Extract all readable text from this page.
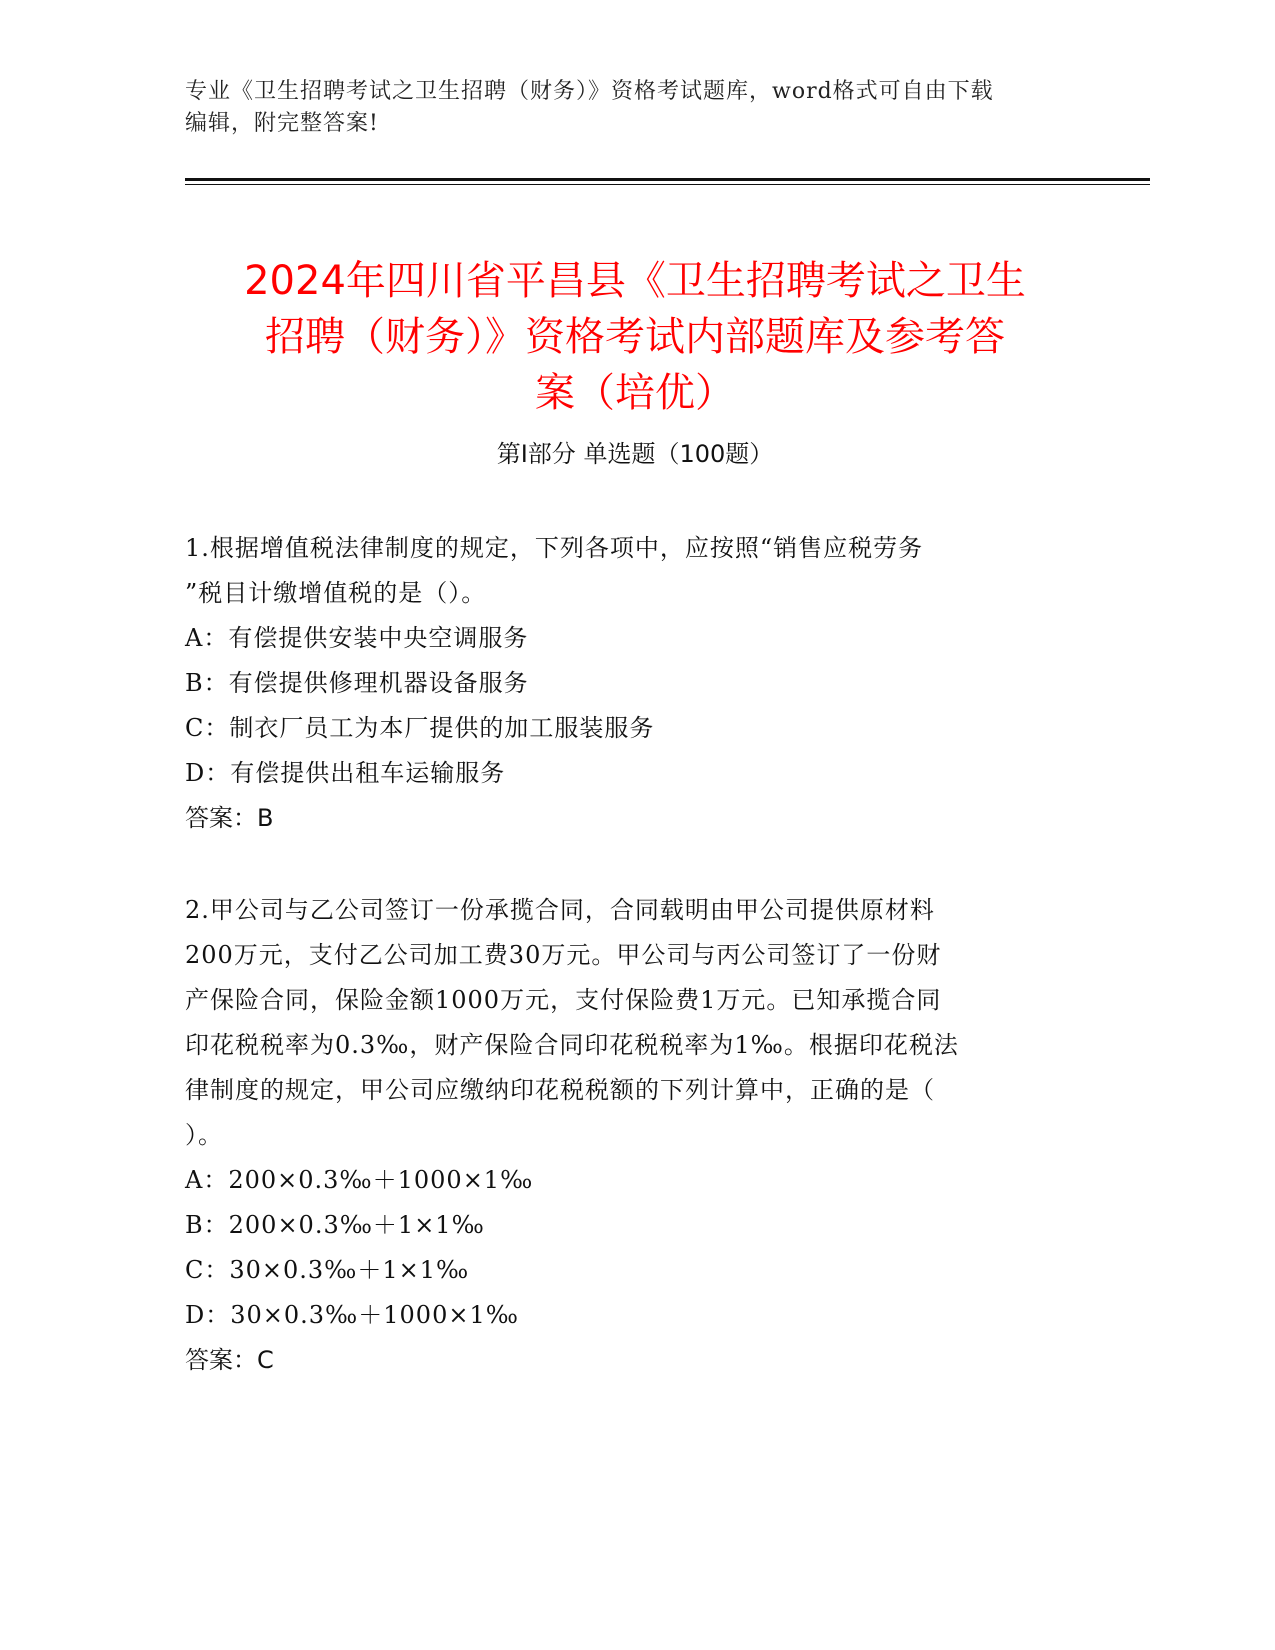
专业《卫生招聘考试之卫生招聘（财务）》资格考试题库，word格式可自由下载
编辑，附完整答案!
2024年四川省平昌县《卫生招聘考试之卫生
招聘（财务）》资格考试内部题库及参考答
案（培优）
第I部分 单选题（100题）
1.根据增值税法律制度的规定，下列各项中，应按照“销售应税劳务
”税目计缴增值税的是（）。
A：有偿提供安装中央空调服务
B：有偿提供修理机器设备服务
C：制衣厂员工为本厂提供的加工服装服务
D：有偿提供出租车运输服务
答案：B
2.甲公司与乙公司签订一份承揽合同，合同载明由甲公司提供原材料
200万元，支付乙公司加工费30万元。甲公司与丙公司签订了一份财
产保险合同，保险金额1000万元，支付保险费1万元。已知承揽合同
印花税税率为0.3‰，财产保险合同印花税税率为1‰。根据印花税法
律制度的规定，甲公司应缴纳印花税税额的下列计算中，正确的是（
）。
A：200×0.3‰＋1000×1‰
B：200×0.3‰＋1×1‰
C：30×0.3‰＋1×1‰
D：30×0.3‰＋1000×1‰
答案：C
